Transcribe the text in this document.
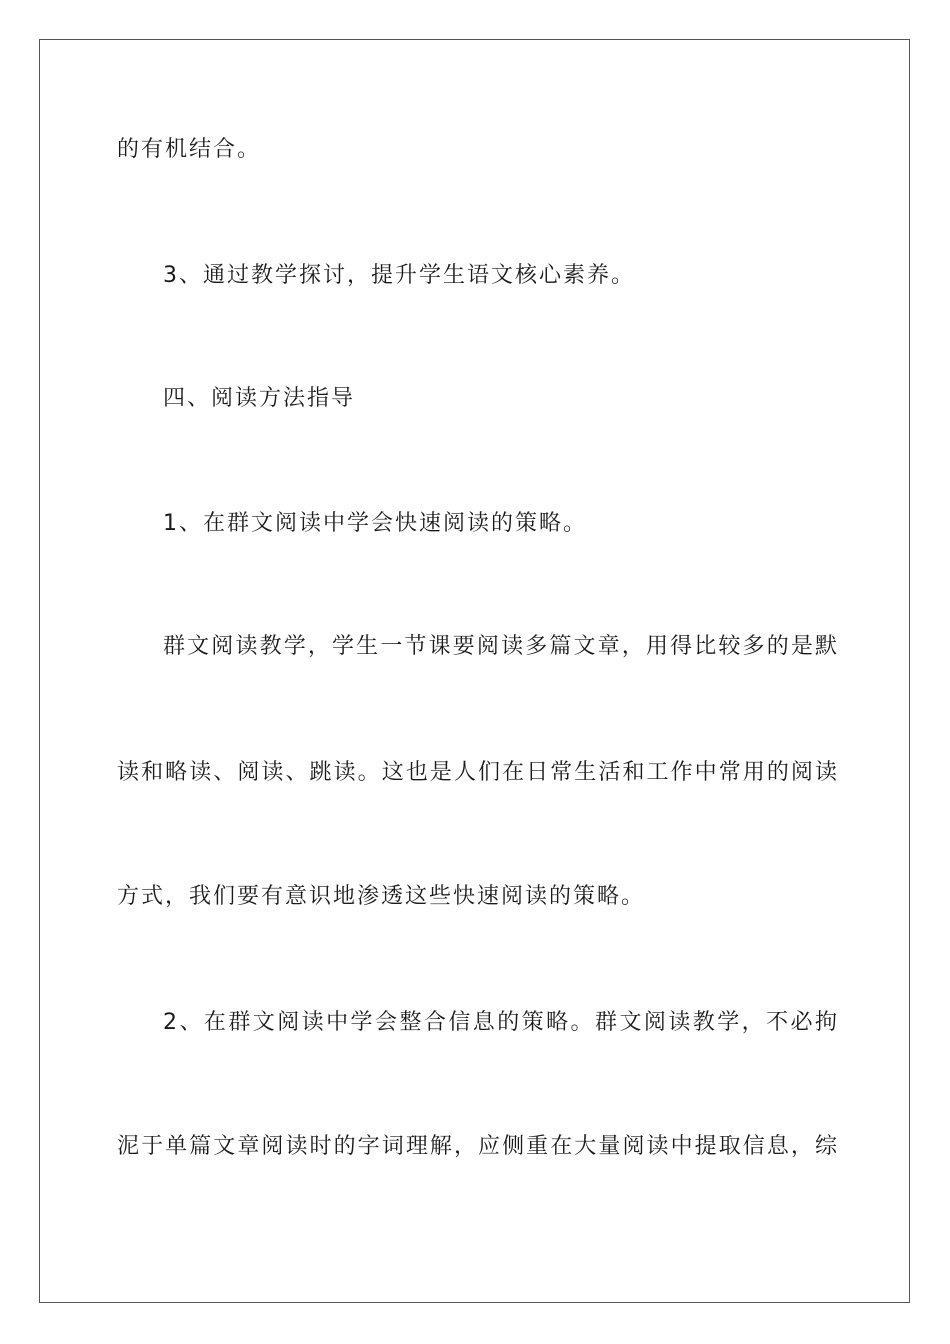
的有机结合。
3、通过教学探讨，提升学生语文核心素养。
四、阅读方法指导
1、在群文阅读中学会快速阅读的策略。
群文阅读教学，学生一节课要阅读多篇文章，用得比较多的是默
读和略读、阅读、跳读。这也是人们在日常生活和工作中常用的阅读
方式，我们要有意识地渗透这些快速阅读的策略。
2、在群文阅读中学会整合信息的策略。群文阅读教学，不必拘
泥于单篇文章阅读时的字词理解，应侧重在大量阅读中提取信息，综
